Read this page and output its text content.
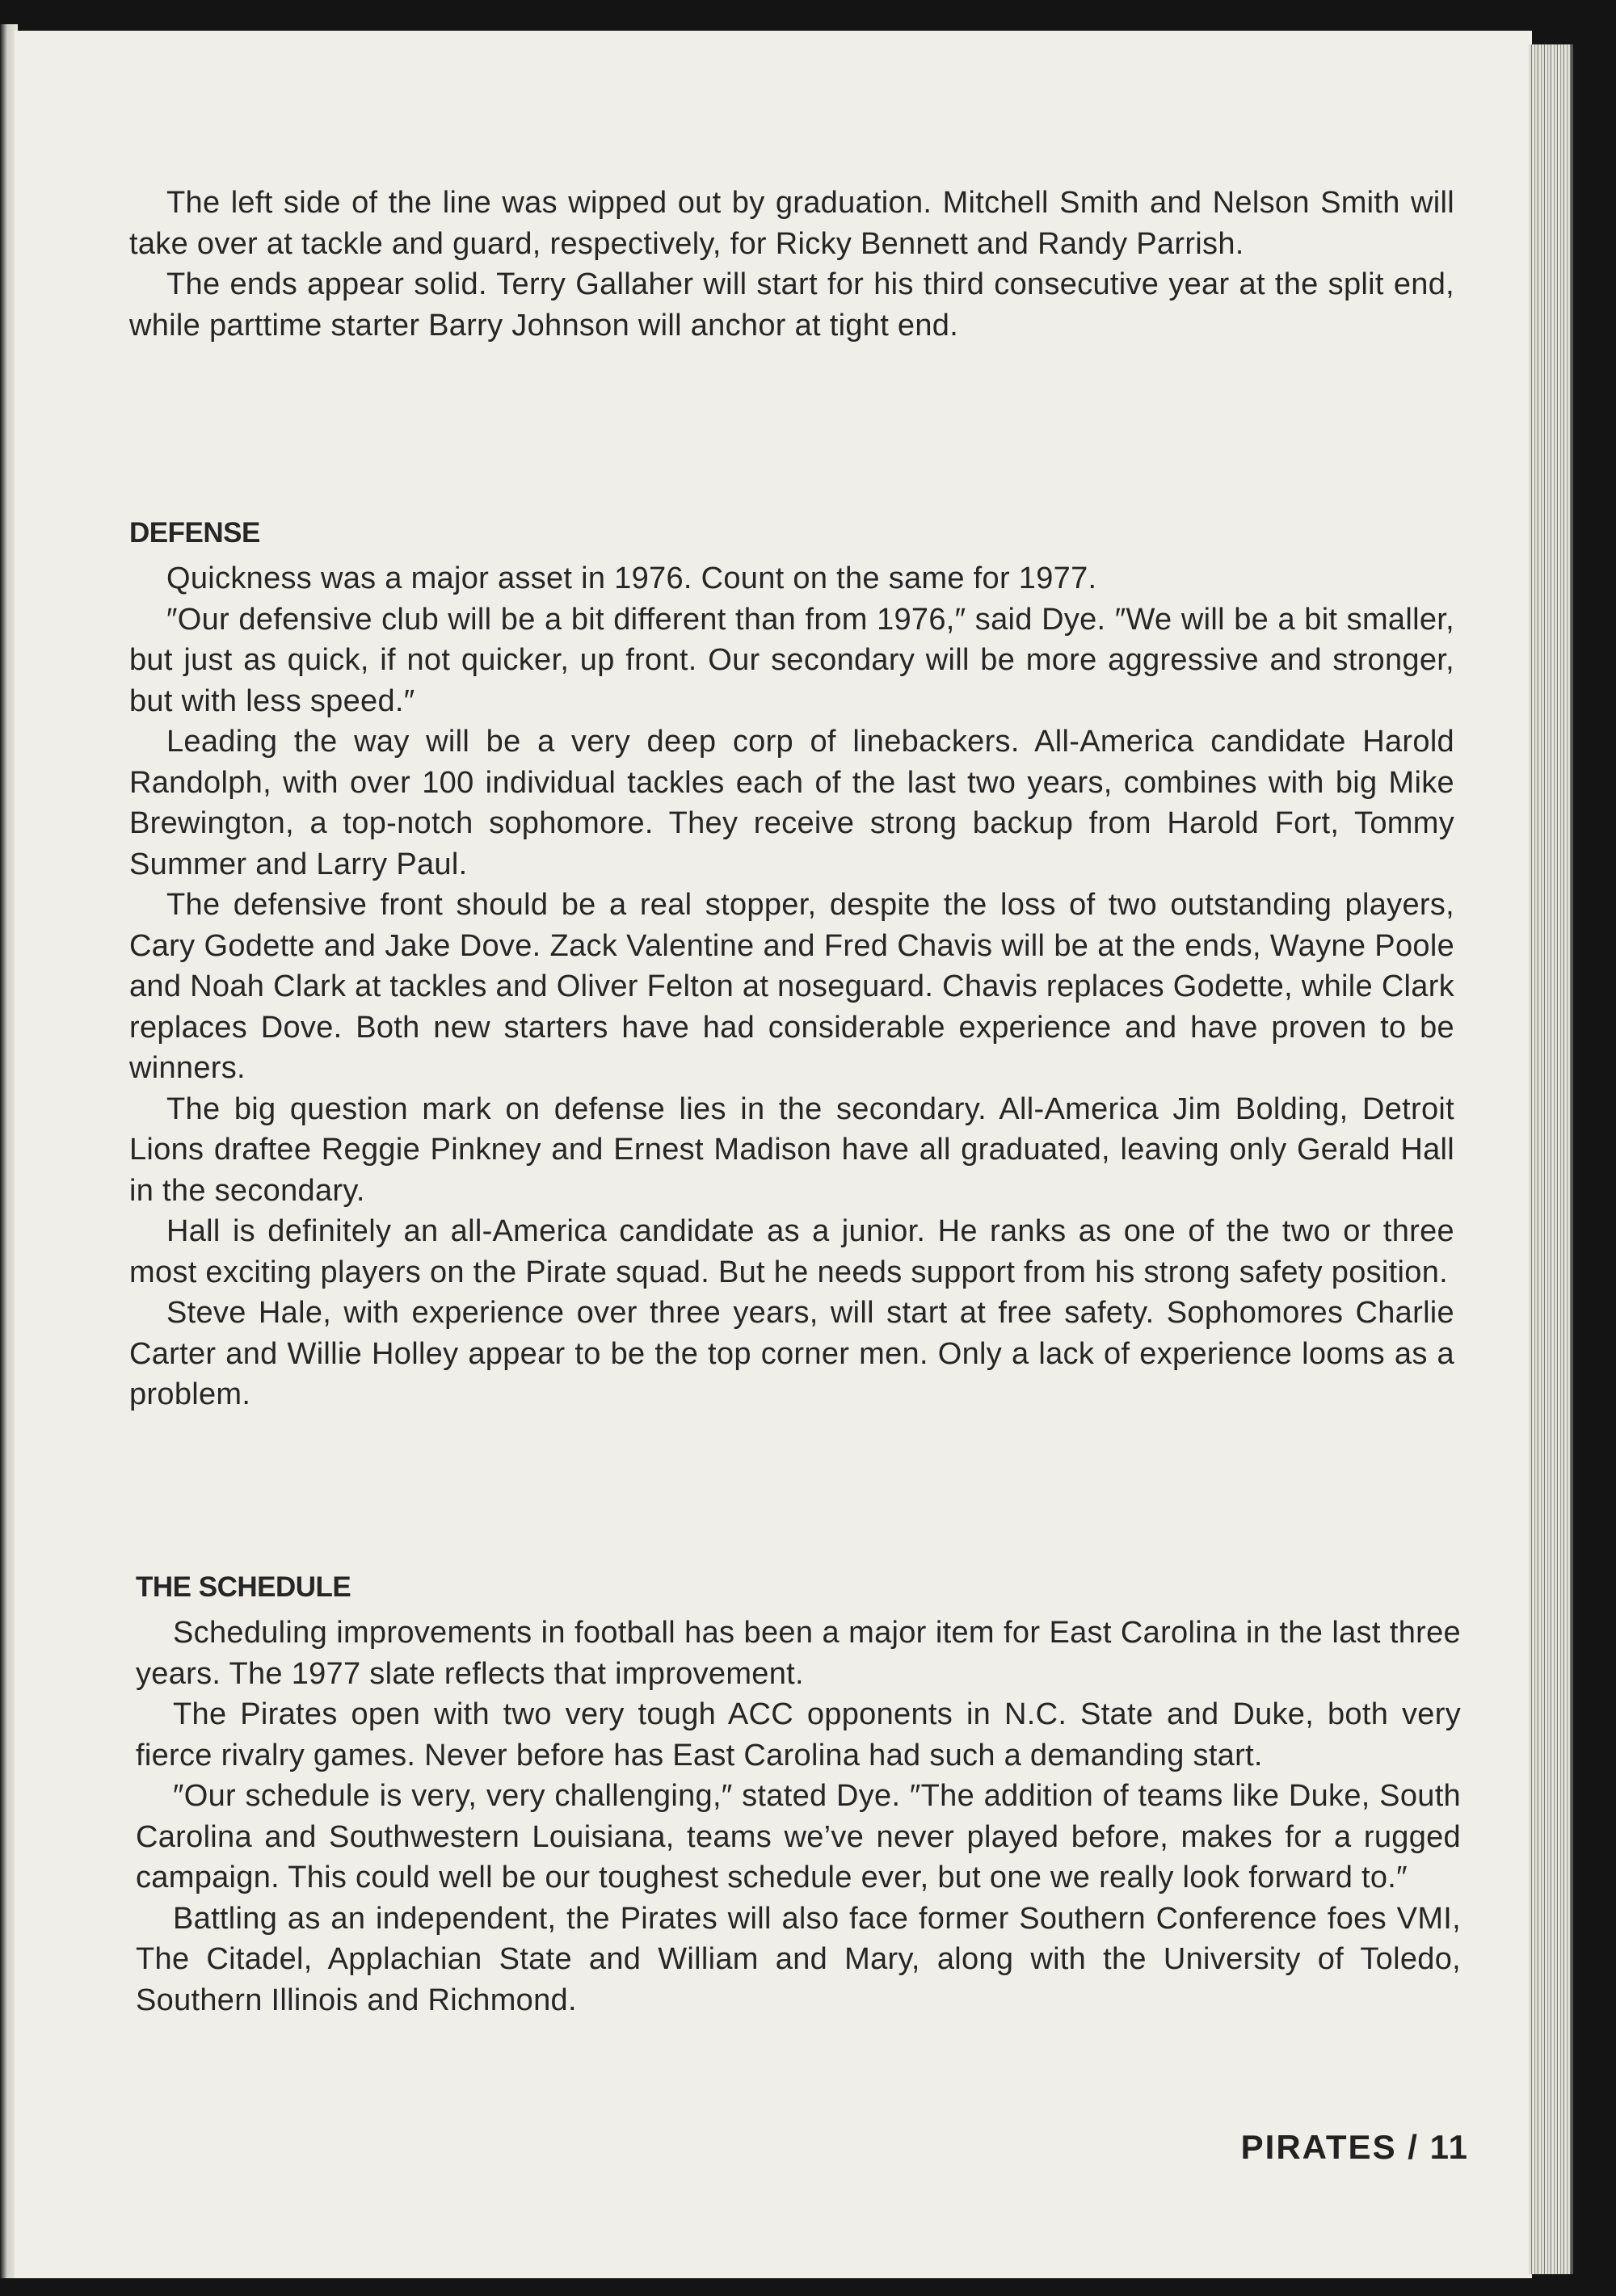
The left side of the line was wipped out by graduation. Mitchell Smith and Nelson Smith will take over at tackle and guard, respectively, for Ricky Bennett and Randy Parrish.

The ends appear solid. Terry Gallaher will start for his third consecutive year at the split end, while parttime starter Barry Johnson will anchor at tight end.

DEFENSE

Quickness was a major asset in 1976. Count on the same for 1977.

″Our defensive club will be a bit different than from 1976,″ said Dye. ″We will be a bit smaller, but just as quick, if not quicker, up front. Our secondary will be more aggressive and stronger, but with less speed.″

Leading the way will be a very deep corp of linebackers. All-America candidate Harold Randolph, with over 100 individual tackles each of the last two years, combines with big Mike Brewington, a top-notch sophomore. They receive strong backup from Harold Fort, Tommy Summer and Larry Paul.

The defensive front should be a real stopper, despite the loss of two outstanding players, Cary Godette and Jake Dove. Zack Valentine and Fred Chavis will be at the ends, Wayne Poole and Noah Clark at tackles and Oliver Felton at noseguard. Chavis replaces Godette, while Clark replaces Dove. Both new starters have had considerable experience and have proven to be winners.

The big question mark on defense lies in the secondary. All-America Jim Bolding, Detroit Lions draftee Reggie Pinkney and Ernest Madison have all graduated, leaving only Gerald Hall in the secondary.

Hall is definitely an all-America candidate as a junior. He ranks as one of the two or three most exciting players on the Pirate squad. But he needs support from his strong safety position.

Steve Hale, with experience over three years, will start at free safety. Sophomores Charlie Carter and Willie Holley appear to be the top corner men. Only a lack of experience looms as a problem.

THE SCHEDULE

Scheduling improvements in football has been a major item for East Carolina in the last three years. The 1977 slate reflects that improvement.

The Pirates open with two very tough ACC opponents in N.C. State and Duke, both very fierce rivalry games. Never before has East Carolina had such a demanding start.

″Our schedule is very, very challenging,″ stated Dye. ″The addition of teams like Duke, South Carolina and Southwestern Louisiana, teams we’ve never played before, makes for a rugged campaign. This could well be our toughest schedule ever, but one we really look forward to.″

Battling as an independent, the Pirates will also face former Southern Conference foes VMI, The Citadel, Applachian State and William and Mary, along with the University of Toledo, Southern Illinois and Richmond.

PIRATES / 11
